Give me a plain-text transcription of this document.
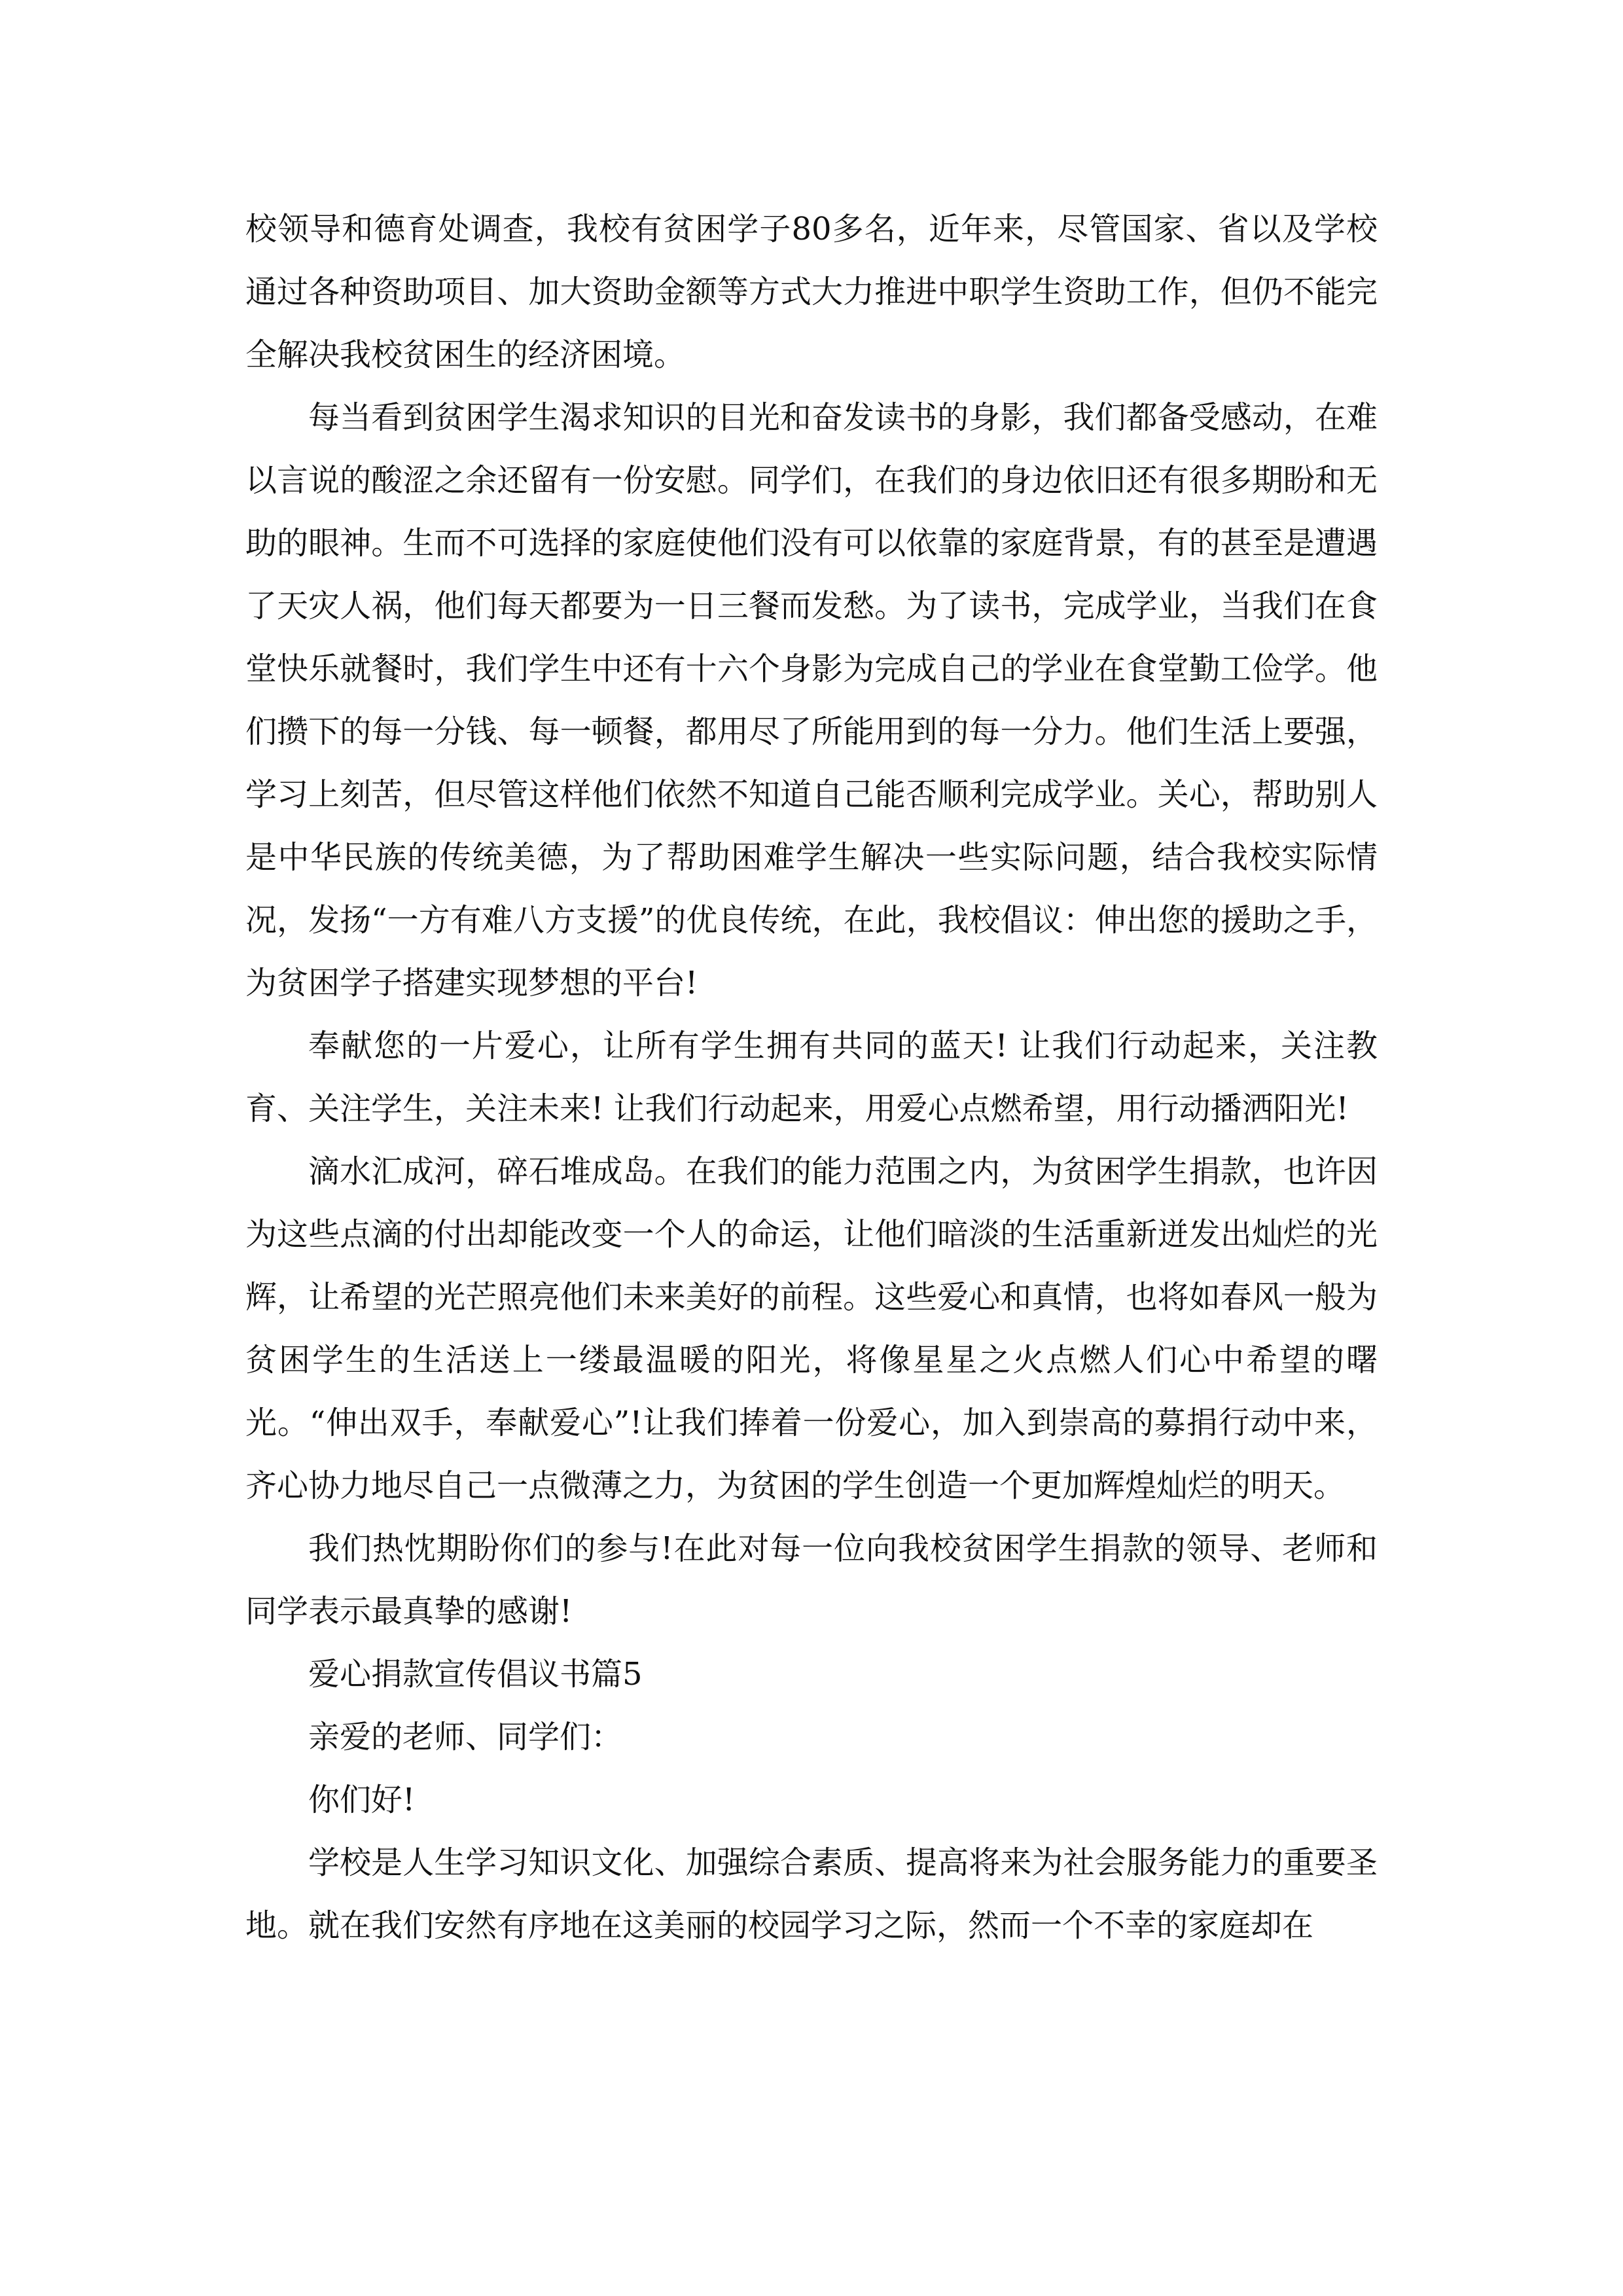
校领导和德育处调查，我校有贫困学子80多名，近年来，尽管国家、省以及学校通过各种资助项目、加大资助金额等方式大力推进中职学生资助工作，但仍不能完全解决我校贫困生的经济困境。

每当看到贫困学生渴求知识的目光和奋发读书的身影，我们都备受感动，在难以言说的酸涩之余还留有一份安慰。同学们，在我们的身边依旧还有很多期盼和无助的眼神。生而不可选择的家庭使他们没有可以依靠的家庭背景，有的甚至是遭遇了天灾人祸，他们每天都要为一日三餐而发愁。为了读书，完成学业，当我们在食堂快乐就餐时，我们学生中还有十六个身影为完成自己的学业在食堂勤工俭学。他们攒下的每一分钱、每一顿餐，都用尽了所能用到的每一分力。他们生活上要强，学习上刻苦，但尽管这样他们依然不知道自己能否顺利完成学业。关心，帮助别人是中华民族的传统美德，为了帮助困难学生解决一些实际问题，结合我校实际情况，发扬“一方有难八方支援”的优良传统，在此，我校倡议：伸出您的援助之手，为贫困学子搭建实现梦想的平台!

奉献您的一片爱心，让所有学生拥有共同的蓝天! 让我们行动起来，关注教育、关注学生，关注未来! 让我们行动起来，用爱心点燃希望，用行动播洒阳光!

滴水汇成河，碎石堆成岛。在我们的能力范围之内，为贫困学生捐款，也许因为这些点滴的付出却能改变一个人的命运，让他们暗淡的生活重新迸发出灿烂的光辉，让希望的光芒照亮他们未来美好的前程。这些爱心和真情，也将如春风一般为贫困学生的生活送上一缕最温暖的阳光，将像星星之火点燃人们心中希望的曙光。“伸出双手，奉献爱心”!让我们捧着一份爱心，加入到崇高的募捐行动中来，齐心协力地尽自己一点微薄之力，为贫困的学生创造一个更加辉煌灿烂的明天。

我们热忱期盼你们的参与!在此对每一位向我校贫困学生捐款的领导、老师和同学表示最真挚的感谢!

爱心捐款宣传倡议书篇5

亲爱的老师、同学们：

你们好!

学校是人生学习知识文化、加强综合素质、提高将来为社会服务能力的重要圣地。就在我们安然有序地在这美丽的校园学习之际，然而一个不幸的家庭却在
